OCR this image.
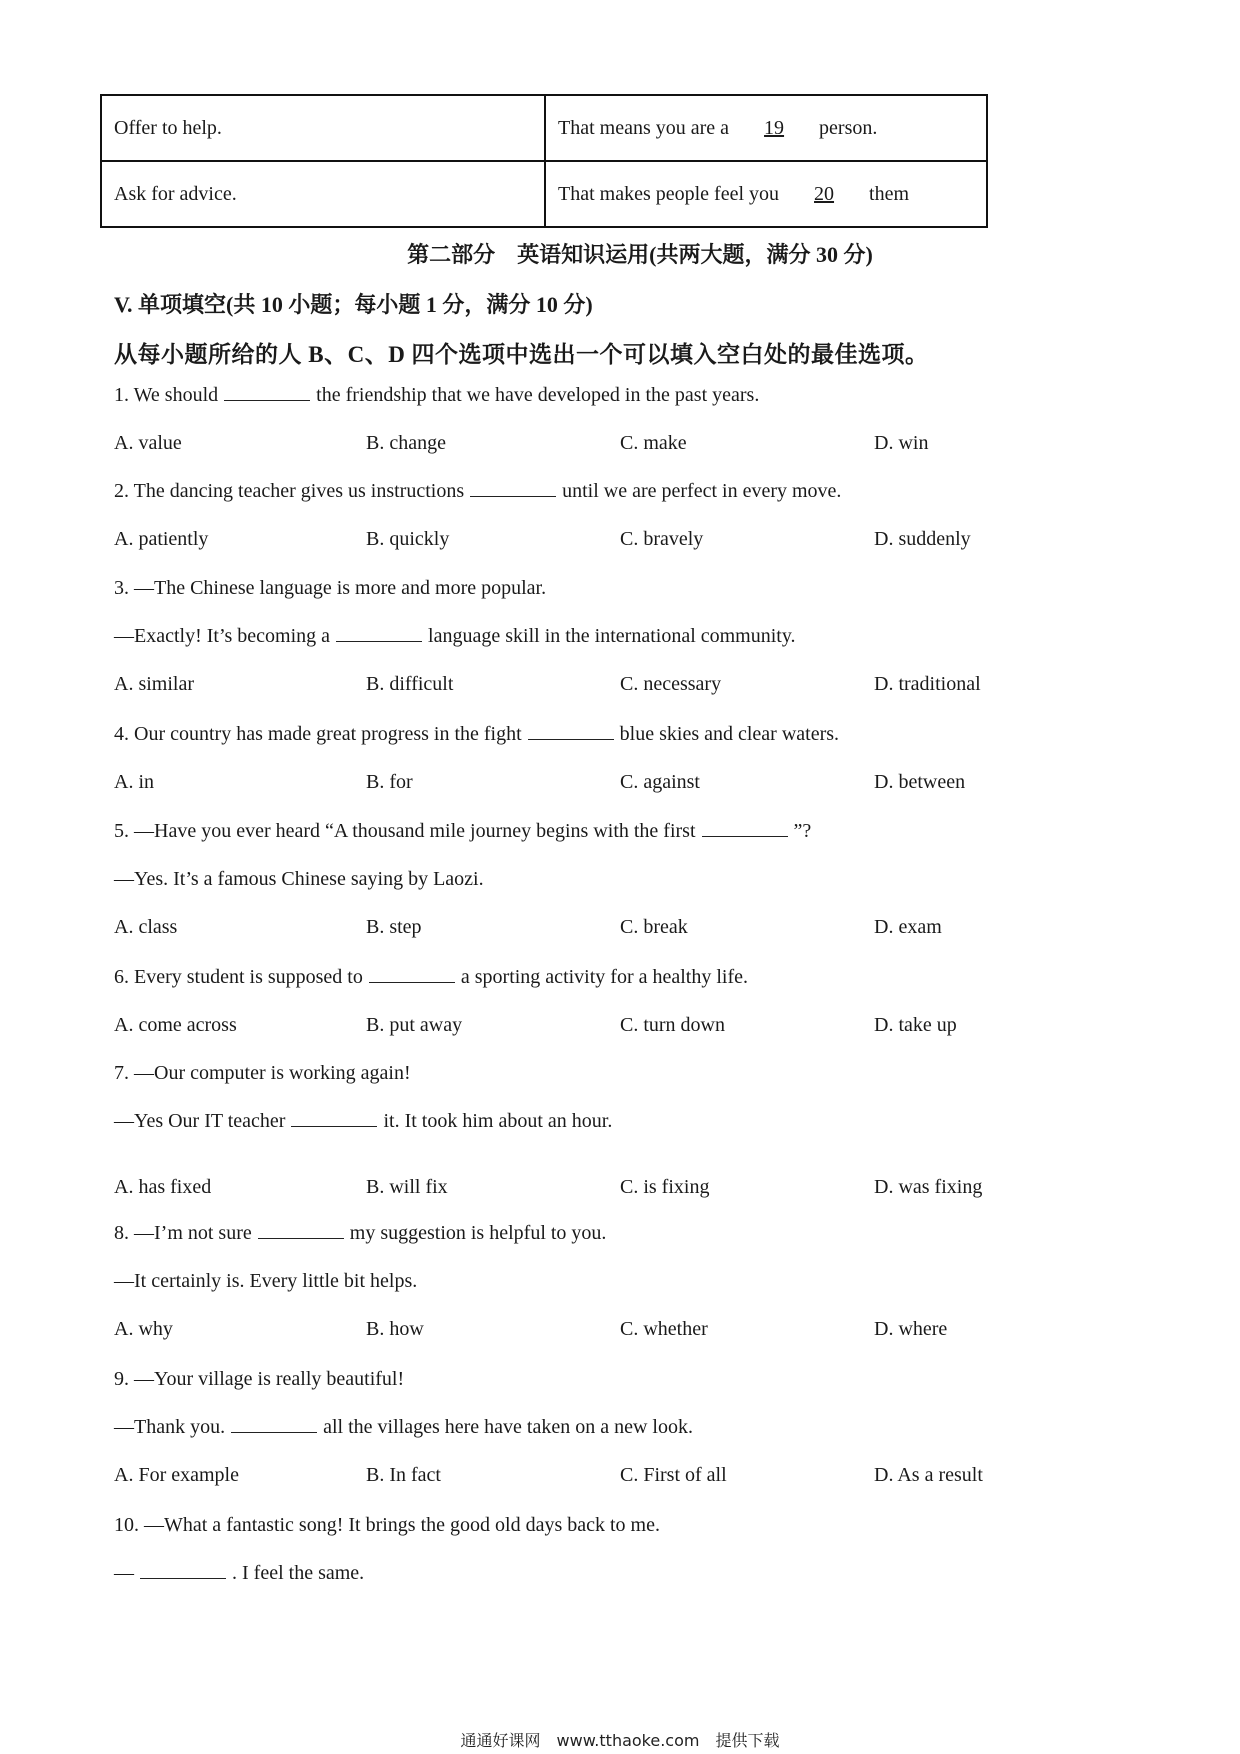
Offer to help.	That means you are a	19	person.
Ask for advice.	That makes people feel you	20	them
第二部分　英语知识运用(共两大题，满分 30 分)
V. 单项填空(共 10 小题；每小题 1 分，满分 10 分)
从每小题所给的人 B、C、D 四个选项中选出一个可以填入空白处的最佳选项。
1. We should	the friendship that we have developed in the past years.
A. value	B. change	C. make	D. win
2. The dancing teacher gives us instructions	until we are perfect in every move.
A. patiently	B. quickly	C. bravely	D. suddenly
3. —The Chinese language is more and more popular.
—Exactly! It’s becoming a	language skill in the international community.
A. similar	B. difficult	C. necessary	D. traditional
4. Our country has made great progress in the fight	blue skies and clear waters.
A. in	B. for	C. against	D. between
5. —Have you ever heard “A thousand mile journey begins with the first	”?
—Yes. It’s a famous Chinese saying by Laozi.
A. class	B. step	C. break	D. exam
6. Every student is supposed to	a sporting activity for a healthy life.
A. come across	B. put away	C. turn down	D. take up
7. —Our computer is working again!
—Yes Our IT teacher	it. It took him about an hour.
A. has fixed	B. will fix	C. is fixing	D. was fixing
8. —I’m not sure	my suggestion is helpful to you.
—It certainly is. Every little bit helps.
A. why	B. how	C. whether	D. where
9. —Your village is really beautiful!
—Thank you.	all the villages here have taken on a new look.
A. For example	B. In fact	C. First of all	D. As a result
10. —What a fantastic song! It brings the good old days back to me.
—	. I feel the same.
通通好课网　www.tthaoke.com　提供下载
